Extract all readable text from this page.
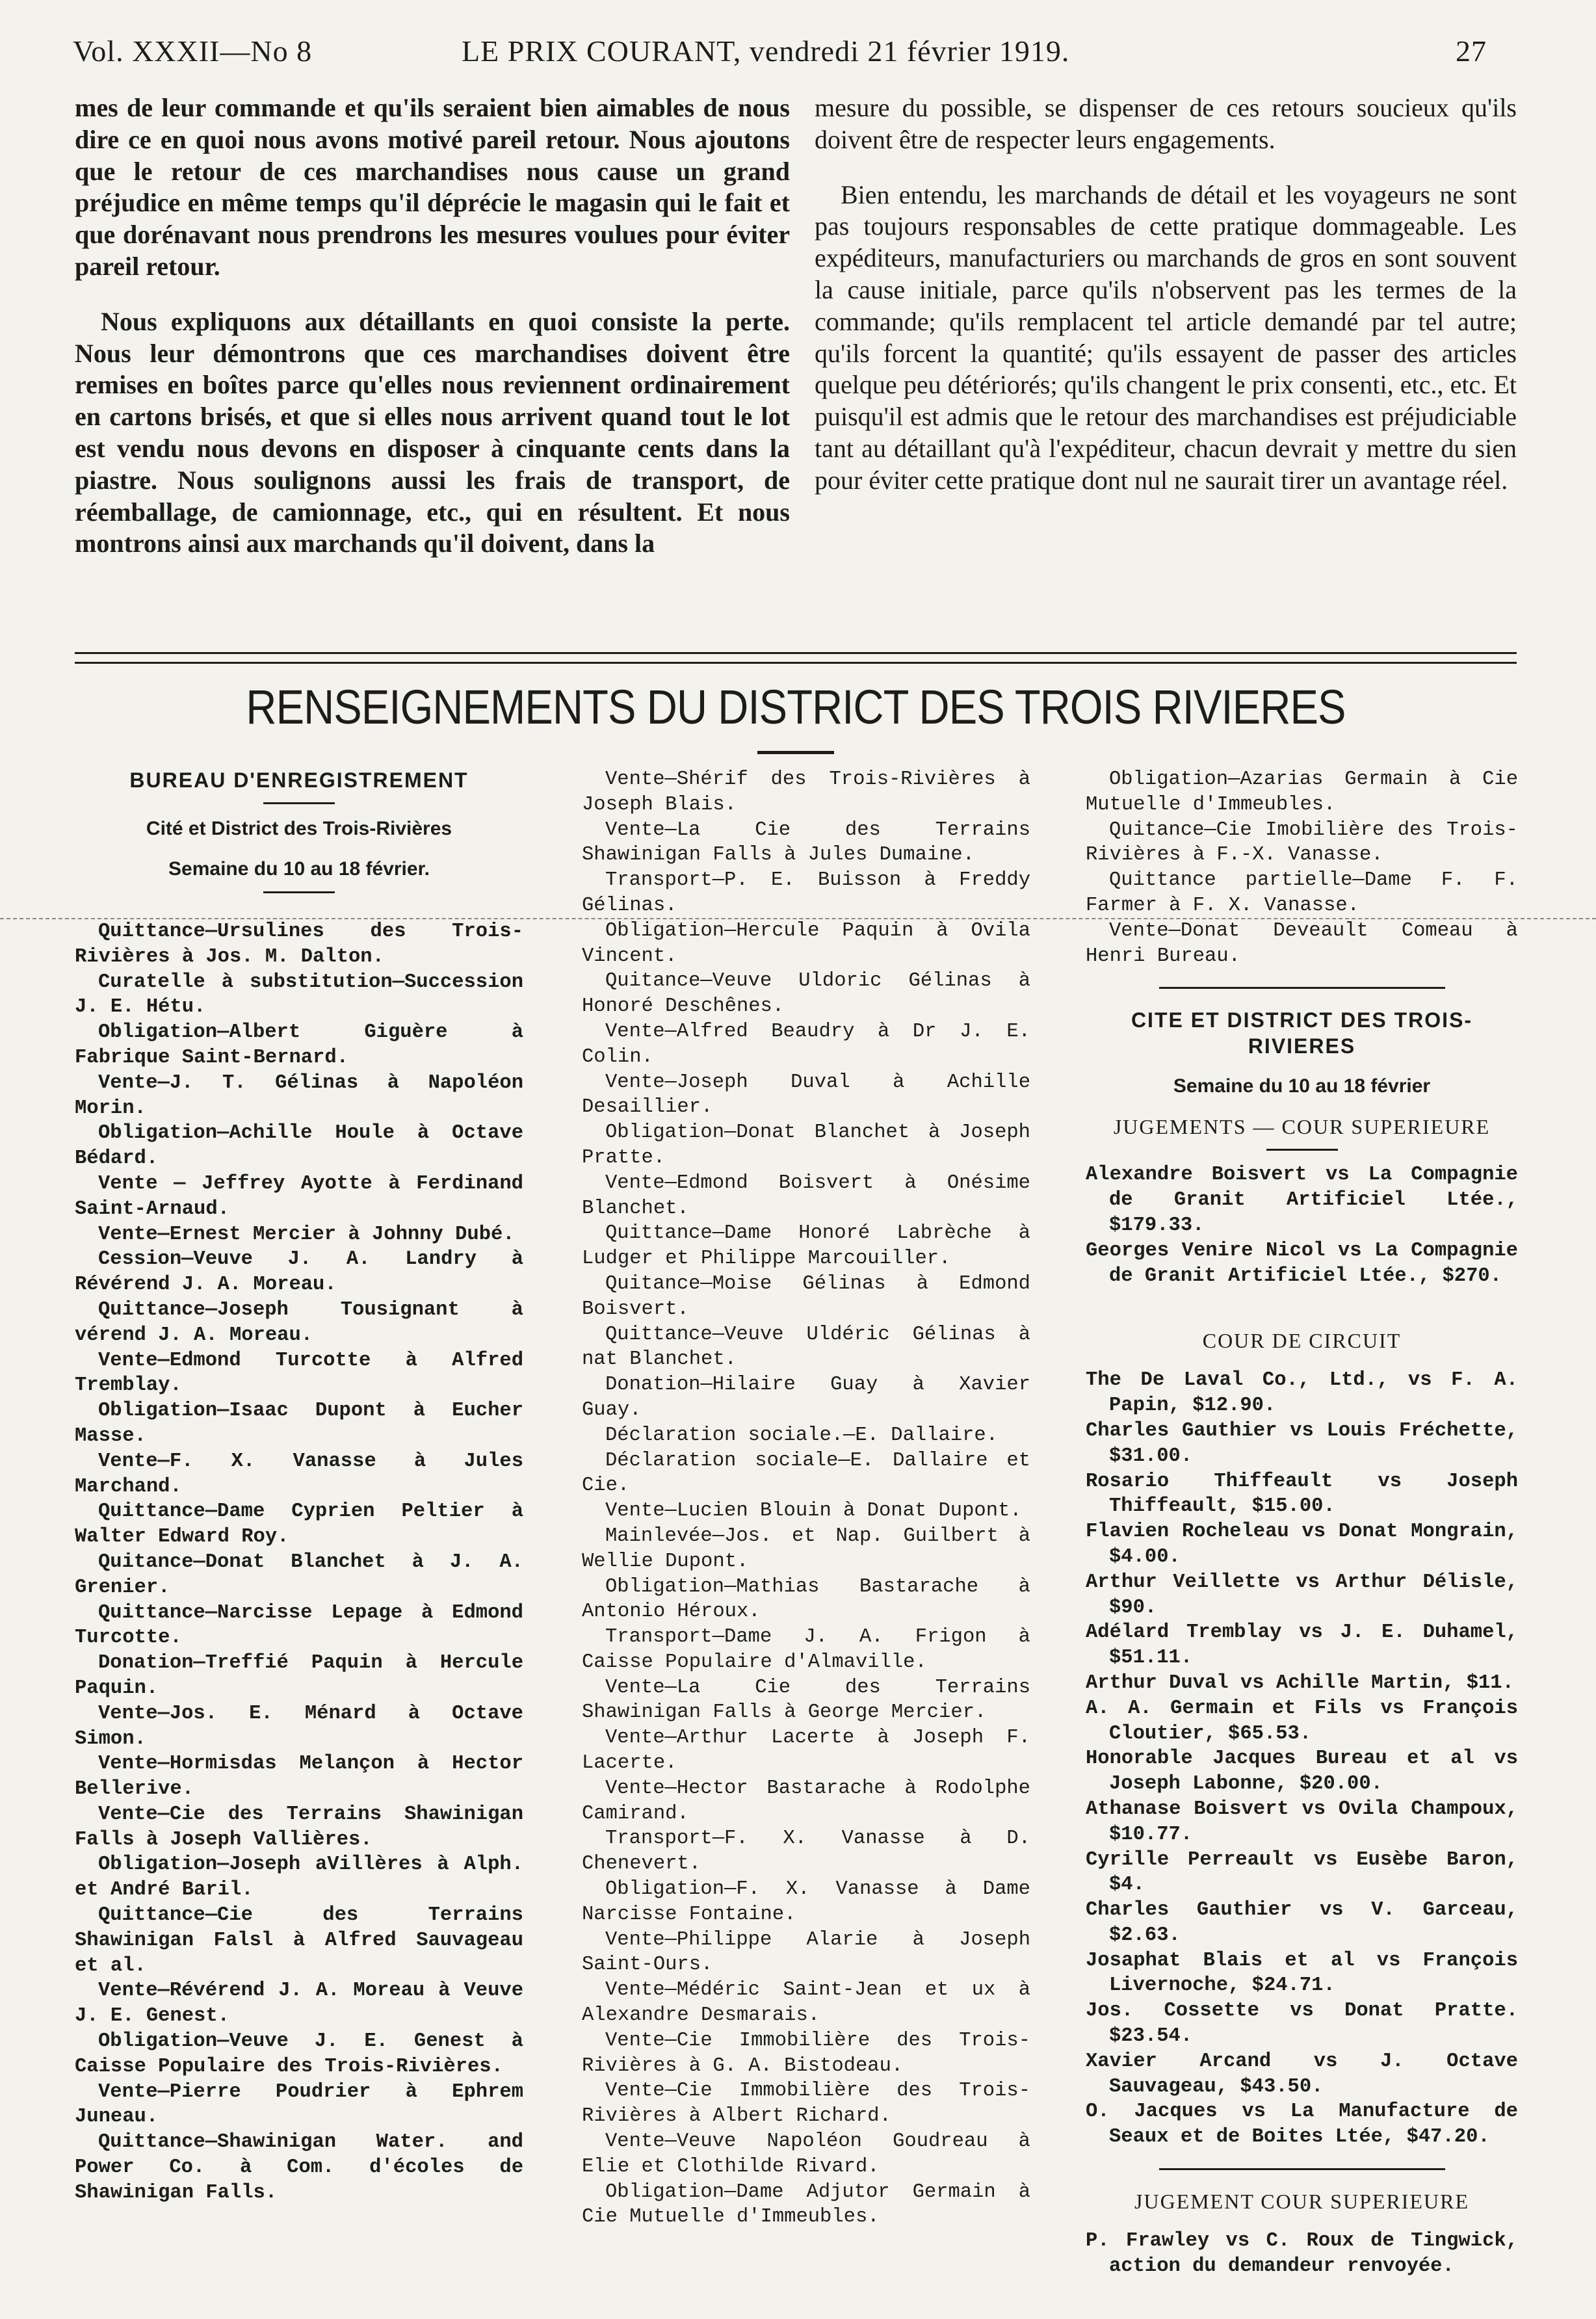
Vol. XXXII—No 8	LE PRIX COURANT, vendredi 21 février 1919.	27

mes de leur commande et qu'ils seraient bien aimables de nous dire ce en quoi nous avons motivé pareil retour. Nous ajoutons que le retour de ces marchandises nous cause un grand préjudice en même temps qu'il déprécie le magasin qui le fait et que dorénavant nous prendrons les mesures voulues pour éviter pareil retour.

Nous expliquons aux détaillants en quoi consiste la perte. Nous leur démontrons que ces marchandises doivent être remises en boîtes parce qu'elles nous reviennent ordinairement en cartons brisés, et que si elles nous arrivent quand tout le lot est vendu nous devons en disposer à cinquante cents dans la piastre. Nous soulignons aussi les frais de transport, de réemballage, de camionnage, etc., qui en résultent. Et nous montrons ainsi aux marchands qu'il doivent, dans la

mesure du possible, se dispenser de ces retours soucieux qu'ils doivent être de respecter leurs engagements.

Bien entendu, les marchands de détail et les voyageurs ne sont pas toujours responsables de cette pratique dommageable. Les expéditeurs, manufacturiers ou marchands de gros en sont souvent la cause initiale, parce qu'ils n'observent pas les termes de la commande; qu'ils remplacent tel article demandé par tel autre; qu'ils forcent la quantité; qu'ils essayent de passer des articles quelque peu détériorés; qu'ils changent le prix consenti, etc., etc. Et puisqu'il est admis que le retour des marchandises est préjudiciable tant au détaillant qu'à l'expéditeur, chacun devrait y mettre du sien pour éviter cette pratique dont nul ne saurait tirer un avantage réel.

RENSEIGNEMENTS DU DISTRICT DES TROIS RIVIERES
BUREAU D'ENREGISTREMENT
Cité et District des Trois-Rivières
Semaine du 10 au 18 février.

Quittance—Ursulines des Trois-Rivières à Jos. M. Dalton.

Curatelle à substitution—Succession J. E. Hétu.

Obligation—Albert Giguère à Fabrique Saint-Bernard.

Vente—J. T. Gélinas à Napoléon Morin.

Obligation—Achille Houle à Octave Bédard.

Vente — Jeffrey Ayotte à Ferdinand Saint-Arnaud.

Vente—Ernest Mercier à Johnny Dubé.

Cession—Veuve J. A. Landry à Révérend J. A. Moreau.

Quittance—Joseph Tousignant à vérend J. A. Moreau.

Vente—Edmond Turcotte à Alfred Tremblay.

Obligation—Isaac Dupont à Eucher Masse.

Vente—F. X. Vanasse à Jules Marchand.

Quittance—Dame Cyprien Peltier à Walter Edward Roy.

Quitance—Donat Blanchet à J. A. Grenier.

Quittance—Narcisse Lepage à Edmond Turcotte.

Donation—Treffié Paquin à Hercule Paquin.

Vente—Jos. E. Ménard à Octave Simon.

Vente—Hormisdas Melançon à Hector Bellerive.

Vente—Cie des Terrains Shawinigan Falls à Joseph Vallières.

Obligation—Joseph aVillères à Alph. et André Baril.

Quittance—Cie des Terrains Shawinigan Falsl à Alfred Sauvageau et al.

Vente—Révérend J. A. Moreau à Veuve J. E. Genest.

Obligation—Veuve J. E. Genest à Caisse Populaire des Trois-Rivières.

Vente—Pierre Poudrier à Ephrem Juneau.

Quittance—Shawinigan Water. and Power Co. à Com. d'écoles de Shawinigan Falls.

Vente—Shérif des Trois-Rivières à Joseph Blais.

Vente—La Cie des Terrains Shawinigan Falls à Jules Dumaine.

Transport—P. E. Buisson à Freddy Gélinas.

Obligation—Hercule Paquin à Ovila Vincent.

Quitance—Veuve Uldoric Gélinas à Honoré Deschênes.

Vente—Alfred Beaudry à Dr J. E. Colin.

Vente—Joseph Duval à Achille Desaillier.

Obligation—Donat Blanchet à Joseph Pratte.

Vente—Edmond Boisvert à Onésime Blanchet.

Quittance—Dame Honoré Labrèche à Ludger et Philippe Marcouiller.

Quitance—Moise Gélinas à Edmond Boisvert.

Quittance—Veuve Uldéric Gélinas à nat Blanchet.

Donation—Hilaire Guay à Xavier Guay.

Déclaration sociale.—E. Dallaire.

Déclaration sociale—E. Dallaire et Cie.

Vente—Lucien Blouin à Donat Dupont.

Mainlevée—Jos. et Nap. Guilbert à Wellie Dupont.

Obligation—Mathias Bastarache à Antonio Héroux.

Transport—Dame J. A. Frigon à Caisse Populaire d'Almaville.

Vente—La Cie des Terrains Shawinigan Falls à George Mercier.

Vente—Arthur Lacerte à Joseph F. Lacerte.

Vente—Hector Bastarache à Rodolphe Camirand.

Transport—F. X. Vanasse à D. Chenevert.

Obligation—F. X. Vanasse à Dame Narcisse Fontaine.

Vente—Philippe Alarie à Joseph Saint-Ours.

Vente—Médéric Saint-Jean et ux à Alexandre Desmarais.

Vente—Cie Immobilière des Trois-Rivières à G. A. Bistodeau.

Vente—Cie Immobilière des Trois-Rivières à Albert Richard.

Vente—Veuve Napoléon Goudreau à Elie et Clothilde Rivard.

Obligation—Dame Adjutor Germain à Cie Mutuelle d'Immeubles.

Obligation—Azarias Germain à Cie Mutuelle d'Immeubles.

Quitance—Cie Imobilière des Trois-Rivières à F.-X. Vanasse.

Quittance partielle—Dame F. F. Farmer à F. X. Vanasse.

Vente—Donat Deveault Comeau à Henri Bureau.

CITE ET DISTRICT DES TROIS-RIVIERES
Semaine du 10 au 18 février
JUGEMENTS — COUR SUPERIEURE

Alexandre Boisvert vs La Compagnie de Granit Artificiel Ltée., $179.33.

Georges Venire Nicol vs La Compagnie de Granit Artificiel Ltée., $270.

COUR DE CIRCUIT

The De Laval Co., Ltd., vs F. A. Papin, $12.90.

Charles Gauthier vs Louis Fréchette, $31.00.

Rosario Thiffeault vs Joseph Thiffeault, $15.00.

Flavien Rocheleau vs Donat Mongrain, $4.00.

Arthur Veillette vs Arthur Délisle, $90.

Adélard Tremblay vs J. E. Duhamel, $51.11.

Arthur Duval vs Achille Martin, $11.

A. A. Germain et Fils vs François Cloutier, $65.53.

Honorable Jacques Bureau et al vs Joseph Labonne, $20.00.

Athanase Boisvert vs Ovila Champoux, $10.77.

Cyrille Perreault vs Eusèbe Baron, $4.

Charles Gauthier vs V. Garceau, $2.63.

Josaphat Blais et al vs François Livernoche, $24.71.

Jos. Cossette vs Donat Pratte. $23.54.

Xavier Arcand vs J. Octave Sauvageau, $43.50.

O. Jacques vs La Manufacture de Seaux et de Boites Ltée, $47.20.

JUGEMENT COUR SUPERIEURE

P. Frawley vs C. Roux de Tingwick, action du demandeur renvoyée.
